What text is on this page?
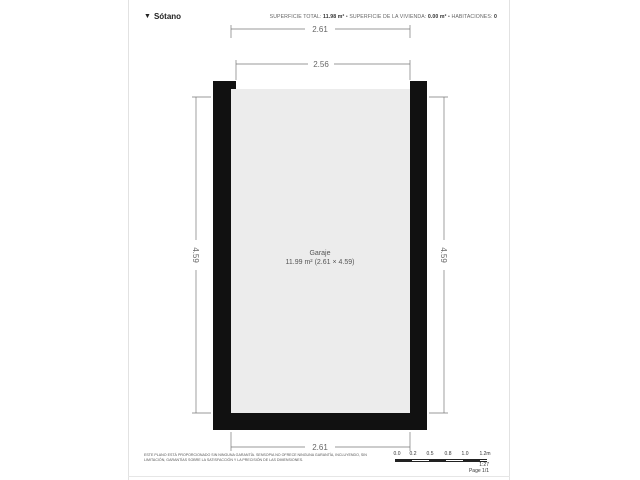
▼ Sótano	SUPERFICIE TOTAL: 11.98 m² • SUPERFICIE DE LA VIVIENDA: 0.00 m² • HABITACIONES: 0
2.61
2.56
4.59	4.59
2.61
Garaje
11.99 m² (2.61 × 4.59)
ESTE PLANO ESTÁ PROPORCIONADO SIN NINGUNA GARANTÍA. SENSOPIA NO OFRECE NINGUNA GARANTÍA, INCLUYENDO, SIN LIMITACIÓN, GARANTÍAS SOBRE LA SATISFACCIÓN Y LA PRECISIÓN DE LAS DIMENSIONES.
0.0 0.2 0.5 0.8 1.0 1.2m
1:27
Page 1/1
